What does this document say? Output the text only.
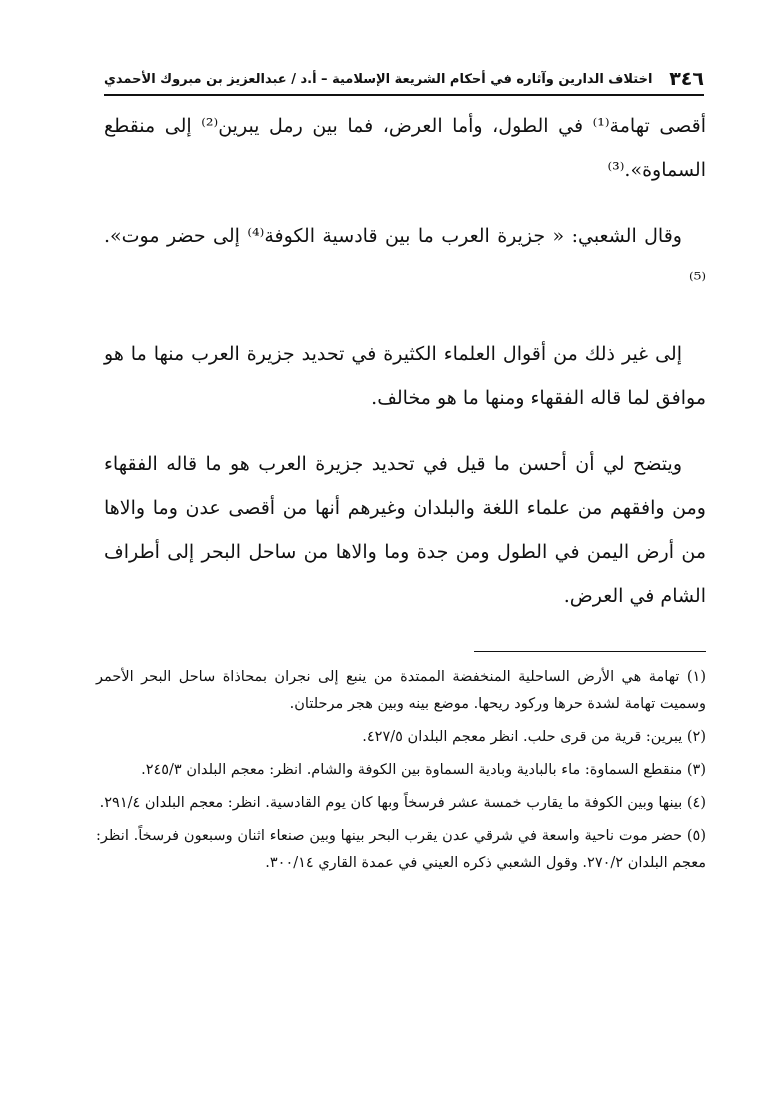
٣٤٦
اختلاف الدارين وآثاره في أحكام الشريعة الإسلامية – أ.د / عبدالعزيز بن مبروك الأحمدي

أقصى تهامة⁽¹⁾ في الطول، وأما العرض، فما بين رمل يبرين⁽²⁾ إلى منقطع السماوة».⁽³⁾

وقال الشعبي: « جزيرة العرب ما بين قادسية الكوفة⁽⁴⁾ إلى حضر موت».⁽⁵⁾

إلى غير ذلك من أقوال العلماء الكثيرة في تحديد جزيرة العرب منها ما هو موافق لما قاله الفقهاء ومنها ما هو مخالف.

ويتضح لي أن أحسن ما قيل في تحديد جزيرة العرب هو ما قاله الفقهاء ومن وافقهم من علماء اللغة والبلدان وغيرهم أنها من أقصى عدن وما والاها من أرض اليمن في الطول ومن جدة وما والاها من ساحل البحر إلى أطراف الشام في العرض.

(١) تهامة هي الأرض الساحلية المنخفضة الممتدة من ينبع إلى نجران بمحاذاة ساحل البحر الأحمر وسميت تهامة لشدة حرها وركود ريحها. موضع بينه وبين هجر مرحلتان.

(٢) يبرين: قرية من قرى حلب. انظر معجم البلدان ٤٢٧/٥.

(٣) منقطع السماوة: ماء بالبادية وبادية السماوة بين الكوفة والشام. انظر: معجم البلدان ٢٤٥/٣.

(٤) بينها وبين الكوفة ما يقارب خمسة عشر فرسخاً وبها كان يوم القادسية. انظر: معجم البلدان ٢٩١/٤.

(٥) حضر موت ناحية واسعة في شرقي عدن يقرب البحر بينها وبين صنعاء اثنان وسبعون فرسخاً. انظر: معجم البلدان ٢٧٠/٢. وقول الشعبي ذكره العيني في عمدة القاري ٣٠٠/١٤.
